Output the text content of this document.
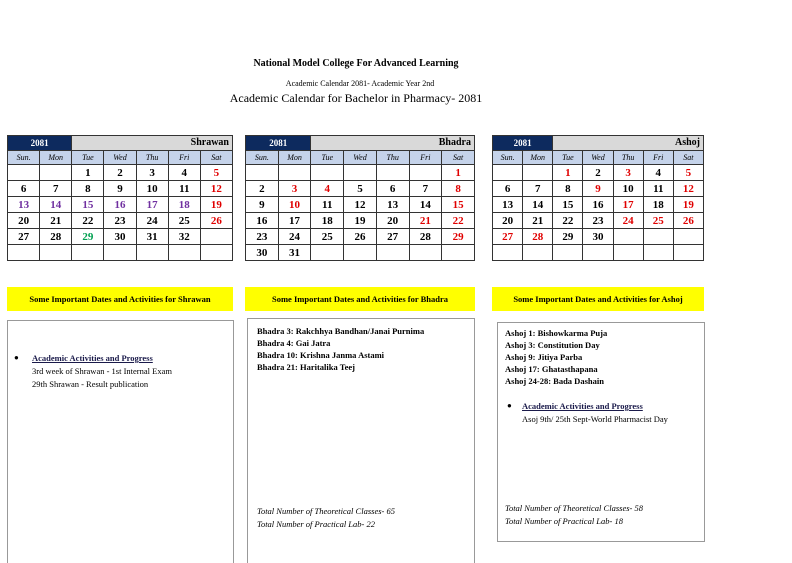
National Model College For Advanced Learning
Academic Calendar 2081- Academic Year 2nd
Academic Calendar for Bachelor in Pharmacy- 2081
2081		Shrawan				
Sun.	Mon	Tue	Wed	Thu	Fri	Sat
		1	2	3	4	5
6	7	8	9	10	11	12
13	14	15	16	17	18	19
20	21	22	23	24	25	26
27	28	29	30	31	32	

2081		Bhadra				
Sun.	Mon	Tue	Wed	Thu	Fri	Sat
						1
2	3	4	5	6	7	8
9	10	11	12	13	14	15
16	17	18	19	20	21	22
23	24	25	26	27	28	29
30	31					
2081		Ashoj				
Sun.	Mon	Tue	Wed	Thu	Fri	Sat
		1	2	3	4	5
6	7	8	9	10	11	12
13	14	15	16	17	18	19
20	21	22	23	24	25	26
27	28	29	30			

Some Important Dates and Activities for Shrawan	Some Important Dates and Activities for Bhadra	Some Important Dates and Activities for Ashoj
● Academic Activities and Progress
3rd week of Shrawan - 1st Internal Exam
29th Shrawan - Result publication
Bhadra 3: Rakchhya Bandhan/Janai Purnima
Bhadra 4: Gai Jatra
Bhadra 10: Krishna Janma Astami
Bhadra 21: Haritalika Teej
Total Number of Theoretical Classes- 65
Total Number of Practical Lab- 22
Ashoj 1: Bishowkarma Puja
Ashoj 3: Constitution Day
Ashoj 9: Jitiya Parba
Ashoj 17: Ghatasthapana
Ashoj 24-28: Bada Dashain
● Academic Activities and Progress
Asoj 9th/ 25th Sept-World Pharmacist Day
Total Number of Theoretical Classes- 58
Total Number of Practical Lab- 18
